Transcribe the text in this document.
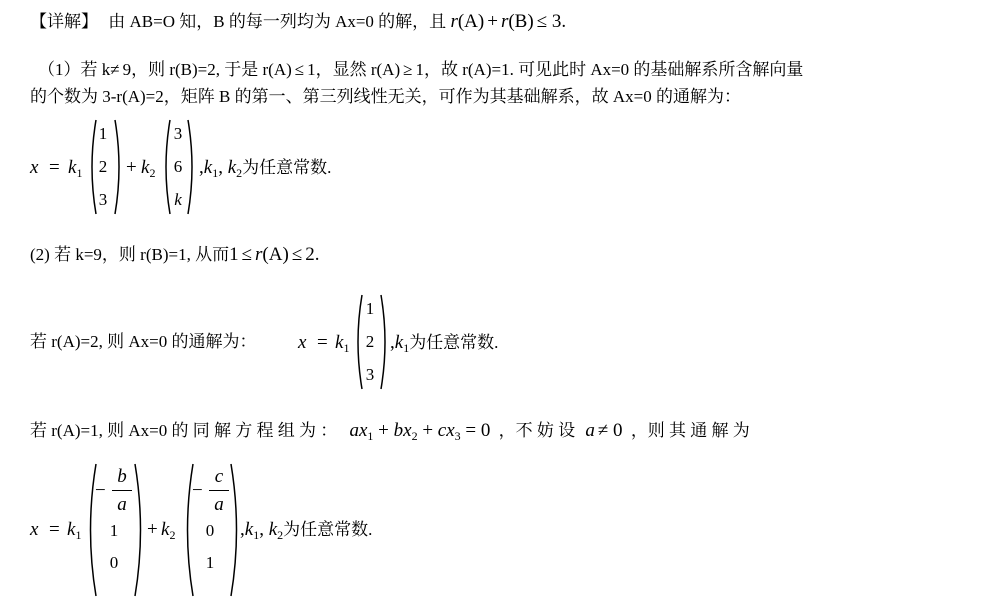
【详解】 由 AB=O 知，B 的每一列均为 Ax=0 的解，且 r(A) + r(B) ≤ 3.
（1）若 k≠ 9，则 r(B)=2, 于是 r(A) ≤ 1，显然 r(A) ≥ 1，故 r(A)=1. 可见此时 Ax=0 的基础解系所含解向量
的个数为 3-r(A)=2，矩阵 B 的第一、第三列线性无关，可作为其基础解系，故 Ax=0 的通解为：
$x = k_1$
1
2
3
+ $k_2$
3
6
k
$,k_1$, $k_2$为任意常数.
(2) 若 k=9，则 r(B)=1, 从而1 ≤ r(A) ≤ 2.
若 r(A)=2, 则 Ax=0 的通解为： $x = k_1$
1
2
3
$,k_1$为任意常数.
若 r(A)=1, 则 Ax=0 的 同 解 方 程 组 为 ： $ax_1 + bx_2 + cx_3 = 0$ ，不 妨 设 a ≠ 0 ，则 其 通 解 为
$x = k_1$
−
b
a
1
0
+ $k_2$
−
c
a
0
1
$,k_1$, $k_2$为任意常数.
